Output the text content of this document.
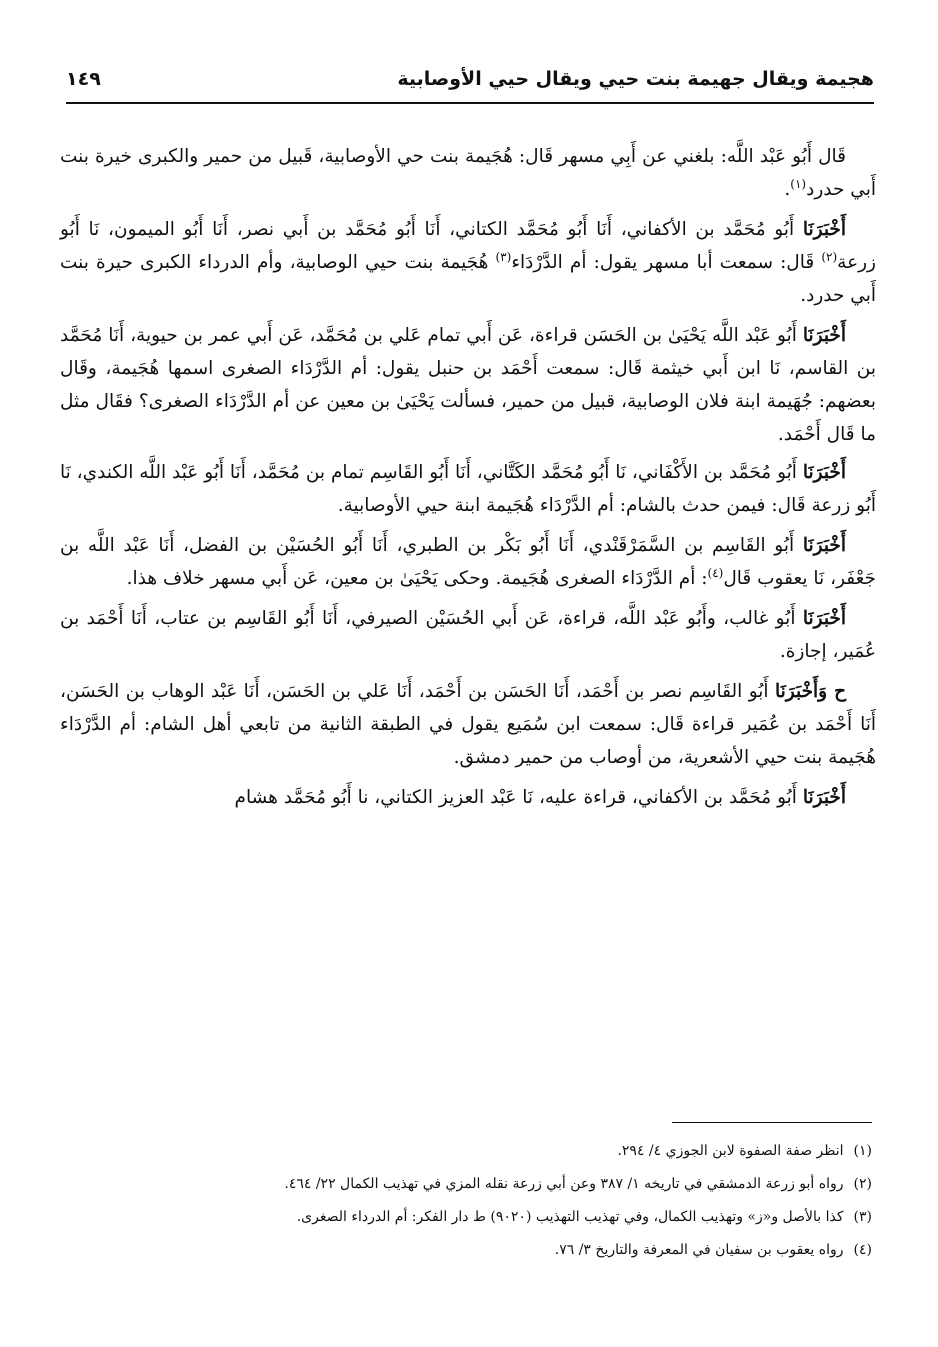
هجيمة ويقال جهيمة بنت حيي ويقال حيي الأوصابية
١٤٩

قَال أَبُو عَبْد اللَّه: بلغني عن أَبِي مسهر قَال: هُجَيمة بنت حي الأوصابية، قَبيل من حمير والكبرى خيرة بنت أَبي حدرد$^{(١)}$.

أَخْبَرَنَا أَبُو مُحَمَّد بن الأكفاني، أَنَا أَبُو مُحَمَّد الكتاني، أَنَا أَبُو مُحَمَّد بن أَبي نصر، أَنَا أَبُو الميمون، نَا أَبُو زرعة$^{(٢)}$ قَال: سمعت أبا مسهر يقول: أم الدَّرْدَاء$^{(٣)}$ هُجَيمة بنت حيي الوصابية، وأم الدرداء الكبرى حيرة بنت أَبي حدرد.

أَخْبَرَنَا أَبُو عَبْد اللَّه يَحْيَىٰ بن الحَسَن قراءة، عَن أَبي تمام عَلي بن مُحَمَّد، عَن أَبي عمر بن حيوية، أَنَا مُحَمَّد بن القاسم، نَا ابن أَبي خيثمة قَال: سمعت أَحْمَد بن حنبل يقول: أم الدَّرْدَاء الصغرى اسمها هُجَيمة، وقَال بعضهم: جُهَيمة ابنة فلان الوصابية، قبيل من حمير، فسألت يَحْيَىٰ بن معين عن أم الدَّرْدَاء الصغرى؟ فقَال مثل ما قَال أَحْمَد.

أَخْبَرَنَا أَبُو مُحَمَّد بن الأَكْفَاني، نَا أَبُو مُحَمَّد الكَتَّاني، أَنَا أَبُو القَاسِم تمام بن مُحَمَّد، أَنَا أَبُو عَبْد اللَّه الكندي، نَا أَبُو زرعة قَال: فيمن حدث بالشام: أم الدَّرْدَاء هُجَيمة ابنة حيي الأوصابية.

أَخْبَرَنَا أَبُو القَاسِم بن السَّمَرْقَنْدي، أَنَا أَبُو بَكْر بن الطبري، أَنَا أَبُو الحُسَيْن بن الفضل، أَنَا عَبْد اللَّه بن جَعْفَر، نَا يعقوب قَال$^{(٤)}$: أم الدَّرْدَاء الصغرى هُجَيمة. وحكى يَحْيَىٰ بن معين، عَن أَبي مسهر خلاف هذا.

أَخْبَرَنَا أَبُو غالب، وأَبُو عَبْد اللَّه، قراءة، عَن أَبي الحُسَيْن الصيرفي، أَنَا أَبُو القَاسِم بن عتاب، أَنَا أَحْمَد بن عُمَير، إجازة.

ح وَأَخْبَرَنَا أَبُو القَاسِم نصر بن أَحْمَد، أَنَا الحَسَن بن أَحْمَد، أَنَا عَلي بن الحَسَن، أَنَا عَبْد الوهاب بن الحَسَن، أَنَا أَحْمَد بن عُمَير قراءة قَال: سمعت ابن سُمَيع يقول في الطبقة الثانية من تابعي أهل الشام: أم الدَّرْدَاء هُجَيمة بنت حيي الأشعرية، من أوصاب من حمير دمشق.

أَخْبَرَنَا أَبُو مُحَمَّد بن الأكفاني، قراءة عليه، نَا عَبْد العزيز الكتاني، نا أَبُو مُحَمَّد هشام

(١)انظر صفة الصفوة لابن الجوزي ٤/ ٢٩٤.
(٢)رواه أبو زرعة الدمشقي في تاريخه ١/ ٣٨٧ وعن أبي زرعة نقله المزي في تهذيب الكمال ٢٢/ ٤٦٤.
(٣)كذا بالأصل و«ز» وتهذيب الكمال، وفي تهذيب التهذيب (٩٠٢٠) ط دار الفكر: أم الدرداء الصغرى.
(٤)رواه يعقوب بن سفيان في المعرفة والتاريخ ٣/ ٧٦.
